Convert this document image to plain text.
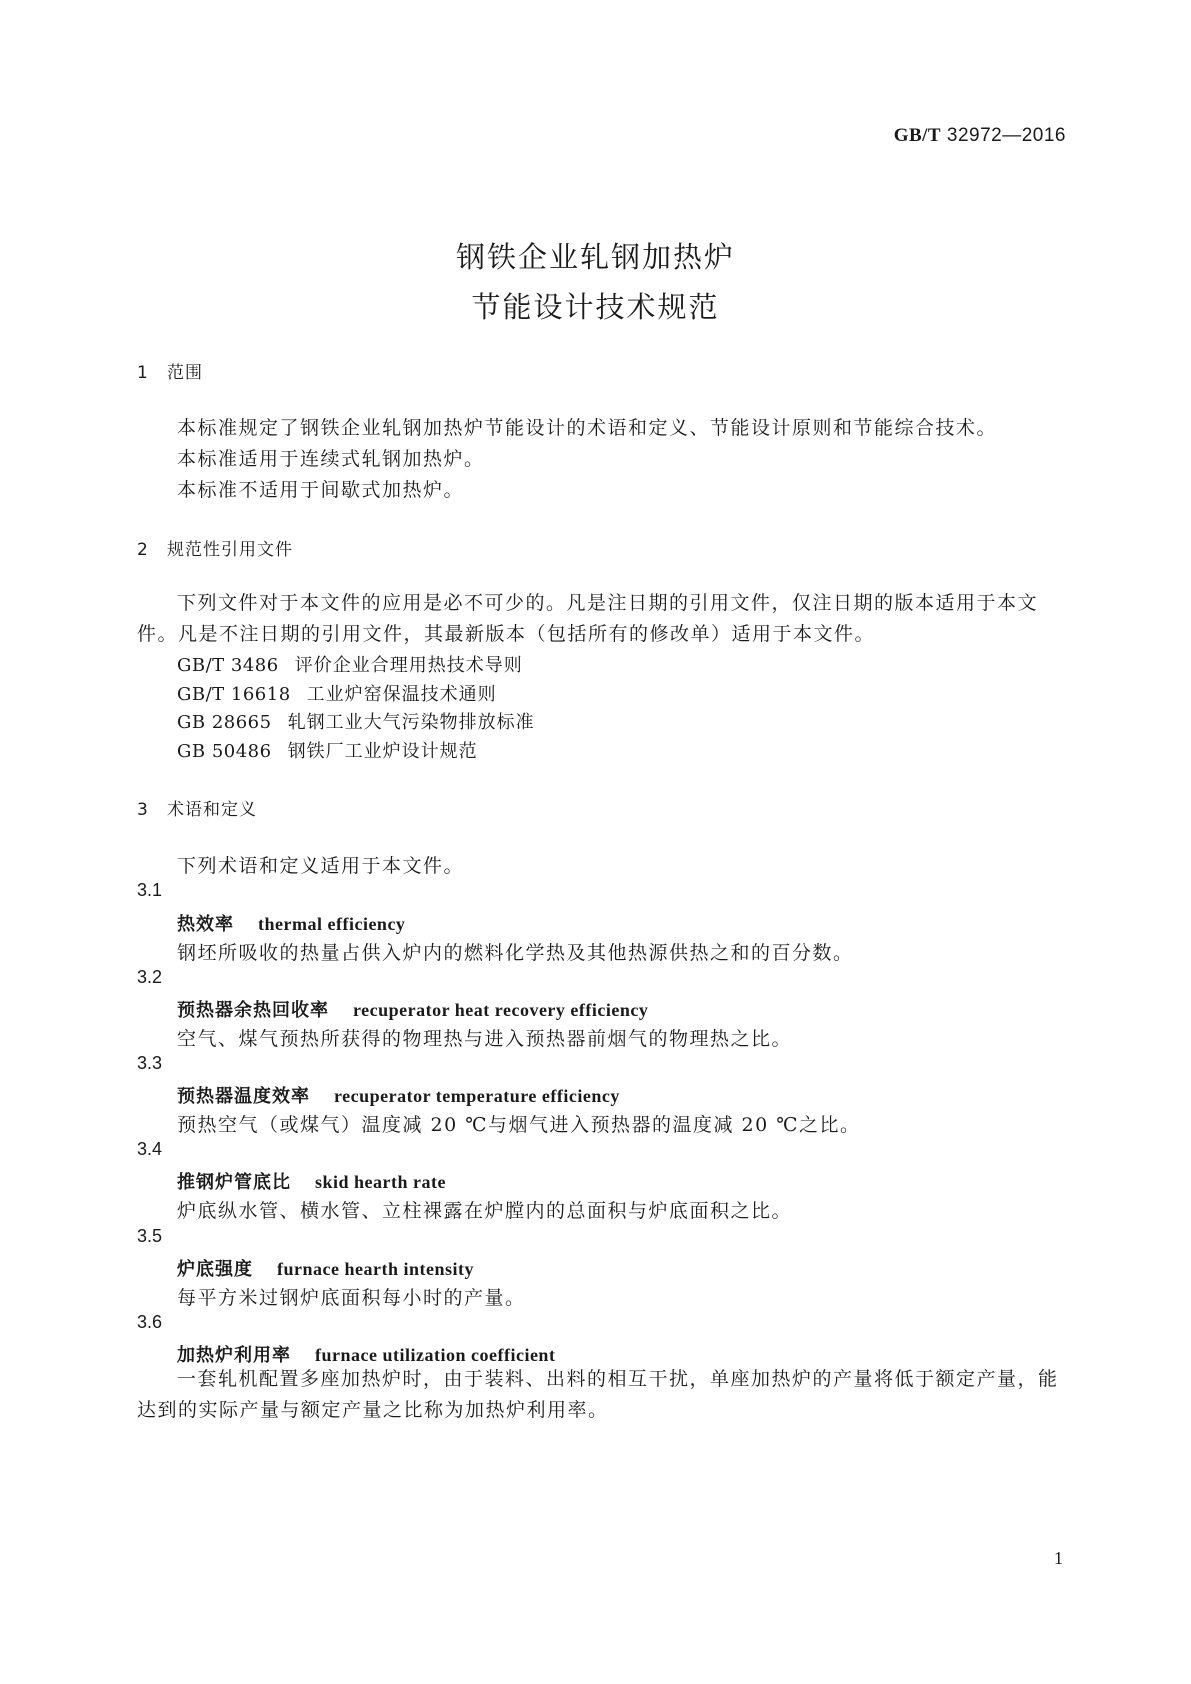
GB/T 32972—2016
钢铁企业轧钢加热炉
节能设计技术规范
1 范围
本标准规定了钢铁企业轧钢加热炉节能设计的术语和定义、节能设计原则和节能综合技术。
本标准适用于连续式轧钢加热炉。
本标准不适用于间歇式加热炉。
2 规范性引用文件
下列文件对于本文件的应用是必不可少的。凡是注日期的引用文件，仅注日期的版本适用于本文件。凡是不注日期的引用文件，其最新版本（包括所有的修改单）适用于本文件。
GB/T 3486 评价企业合理用热技术导则
GB/T 16618 工业炉窑保温技术通则
GB 28665 轧钢工业大气污染物排放标准
GB 50486 钢铁厂工业炉设计规范
3 术语和定义
下列术语和定义适用于本文件。
3.1
热效率 thermal efficiency
钢坯所吸收的热量占供入炉内的燃料化学热及其他热源供热之和的百分数。
3.2
预热器余热回收率 recuperator heat recovery efficiency
空气、煤气预热所获得的物理热与进入预热器前烟气的物理热之比。
3.3
预热器温度效率 recuperator temperature efficiency
预热空气（或煤气）温度减 20 ℃与烟气进入预热器的温度减 20 ℃之比。
3.4
推钢炉管底比 skid hearth rate
炉底纵水管、横水管、立柱裸露在炉膛内的总面积与炉底面积之比。
3.5
炉底强度 furnace hearth intensity
每平方米过钢炉底面积每小时的产量。
3.6
加热炉利用率 furnace utilization coefficient
一套轧机配置多座加热炉时，由于装料、出料的相互干扰，单座加热炉的产量将低于额定产量，能达到的实际产量与额定产量之比称为加热炉利用率。
1
